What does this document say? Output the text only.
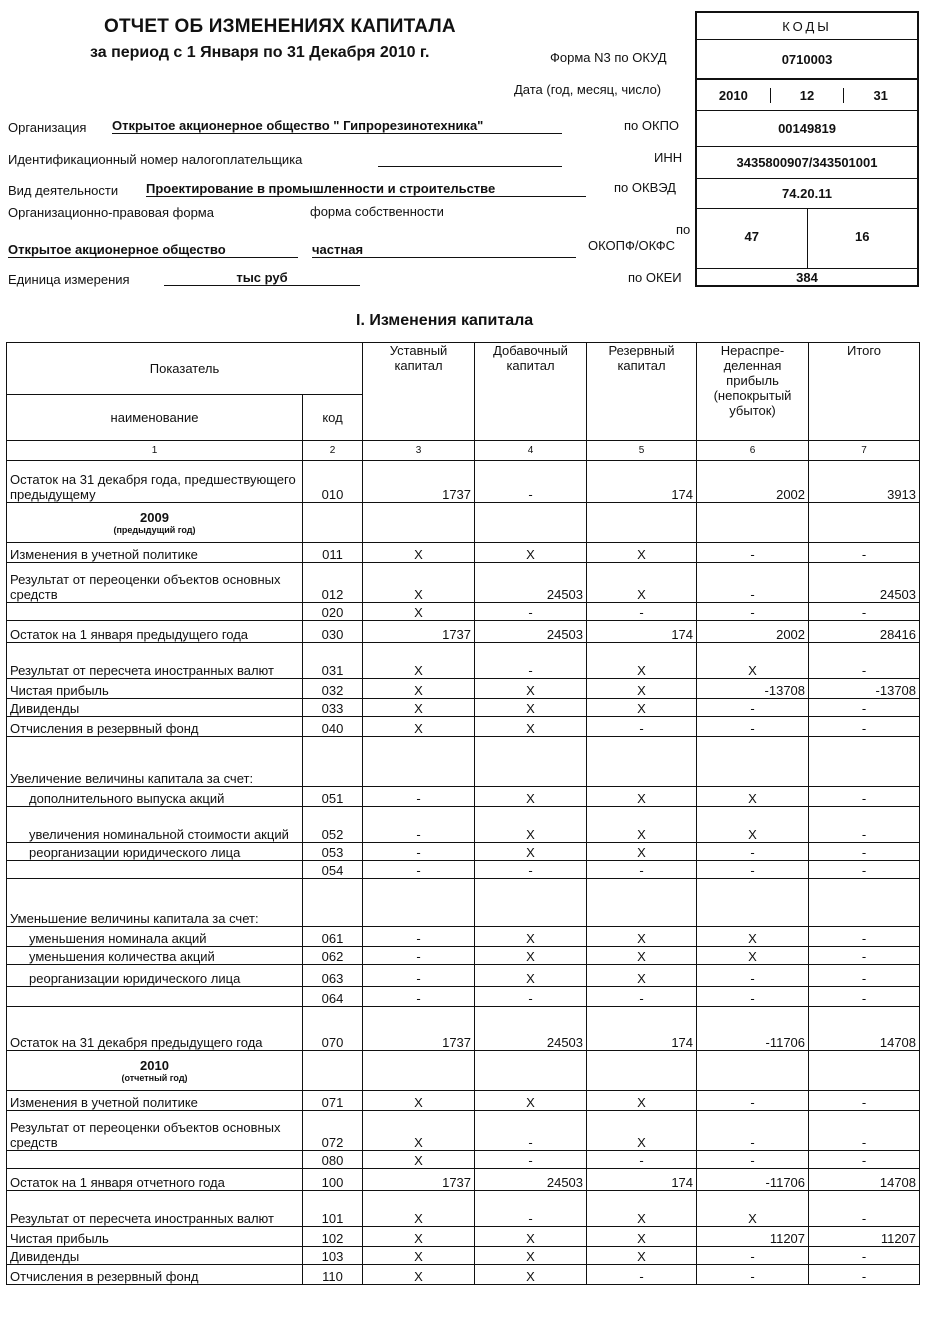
ОТЧЕТ ОБ ИЗМЕНЕНИЯХ КАПИТАЛА
за период с 1 Января по 31 Декабря 2010 г.	Форма N3 по ОКУД
Дата (год, месяц, число)
Организация Открытое акционерное общество " Гипрорезинотехника"	по ОКПО
Идентификационный номер налогоплательщика	ИНН
Вид деятельности Проектирование в промышленности и строительстве	по ОКВЭД
Организационно-правовая форма	форма собственности
по
Открытое акционерное общество	частная	ОКОПФ/ОКФС
Единица измерения	тыс руб	по ОКЕИ
КОДЫ
0710003
2010	12	31
00149819
3435800907/343501001
74.20.11
47	16
384
I. Изменения капитала
Показатель		Уставный капитал	Добавочный капитал	Резервный капитал	Нераспре-деленная прибыль (непокрытый убыток)	Итого
наименование	код					
1	2	3	4	5	6	7
Остаток на 31 декабря года, предшествующего предыдущему	010	1737	-	174	2002	3913

2009
(предыдущий год)						

Изменения в учетной политике	011	X	X	X	-	-
Результат от переоценки объектов основных средств	012	X	24503	X	-	24503
	020	X	-	-	-	-
Остаток на 1 января предыдущего года	030	1737	24503	174	2002	28416
Результат от пересчета иностранных валют	031	X	-	X	X	-
Чистая прибыль	032	X	X	X	-13708	-13708
Дивиденды	033	X	X	X	-	-
Отчисления в резервный фонд	040	X	X	-	-	-
Увеличение величины капитала за счет:						
дополнительного выпуска акций	051	-	X	X	X	-
увеличения номинальной стоимости акций	052	-	X	X	X	-
реорганизации юридического лица	053	-	X	X	-	-
	054	-	-	-	-	-
Уменьшение величины капитала за счет:						
уменьшения номинала акций	061	-	X	X	X	-
уменьшения количества акций	062	-	X	X	X	-
реорганизации юридического лица	063	-	X	X	-	-
	064	-	-	-	-	-
Остаток на 31 декабря предыдущего года	070	1737	24503	174	-11706	14708

2010
(отчетный год)						

Изменения в учетной политике	071	X	X	X	-	-
Результат от переоценки объектов основных средств	072	X	-	X	-	-
	080	X	-	-	-	-
Остаток на 1 января отчетного года	100	1737	24503	174	-11706	14708
Результат от пересчета иностранных валют	101	X	-	X	X	-
Чистая прибыль	102	X	X	X	11207	11207
Дивиденды	103	X	X	X	-	-
Отчисления в резервный фонд	110	X	X	-	-	-
